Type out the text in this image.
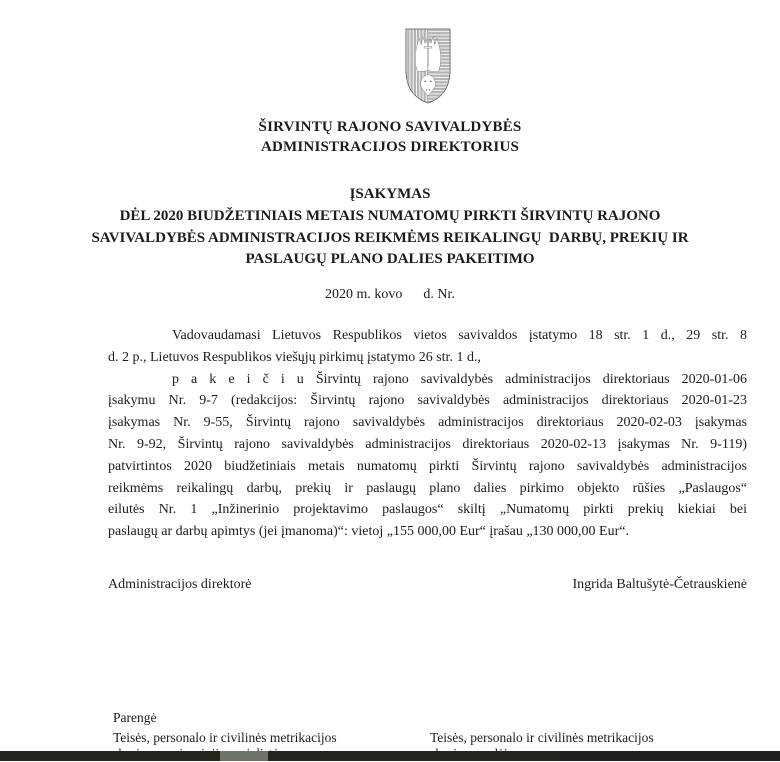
ŠIRVINTŲ RAJONO SAVIVALDYBĖS
ADMINISTRACIJOS DIREKTORIUS
ĮSAKYMAS
DĖL 2020 BIUDŽETINIAIS METAIS NUMATOMŲ PIRKTI ŠIRVINTŲ RAJONO
SAVIVALDYBĖS ADMINISTRACIJOS REIKMĖMS REIKALINGŲ  DARBŲ, PREKIŲ IR
PASLAUGŲ PLANO DALIES PAKEITIMO
2020 m. kovo      d. Nr.
Vadovaudamasi Lietuvos Respublikos vietos savivaldos įstatymo 18 str. 1 d., 29 str. 8
d. 2 p., Lietuvos Respublikos viešųjų pirkimų įstatymo 26 str. 1 d.,
p a k e i č i u Širvintų rajono savivaldybės administracijos direktoriaus 2020-01-06
įsakymu Nr. 9-7 (redakcijos: Širvintų rajono savivaldybės administracijos direktoriaus 2020-01-23
įsakymas Nr. 9-55, Širvintų rajono savivaldybės administracijos direktoriaus 2020-02-03 įsakymas
Nr. 9-92, Širvintų rajono savivaldybės administracijos direktoriaus 2020-02-13 įsakymas Nr. 9-119)
patvirtintos 2020 biudžetiniais metais numatomų pirkti Širvintų rajono savivaldybės administracijos
reikmėms reikalingų darbų, prekių ir paslaugų plano dalies pirkimo objekto rūšies „Paslaugos“
eilutės Nr. 1 „Inžinerinio projektavimo paslaugos“ skiltį „Numatomų pirkti prekių kiekiai bei
paslaugų ar darbų apimtys (jei įmanoma)“: vietoj „155 000,00 Eur“ įrašau „130 000,00 Eur“.
Administracijos direktorė	Ingrida Baltušytė-Četrauskienė
Parengė
Teisės, personalo ir civilinės metrikacijos	Teisės, personalo ir civilinės metrikacijos
